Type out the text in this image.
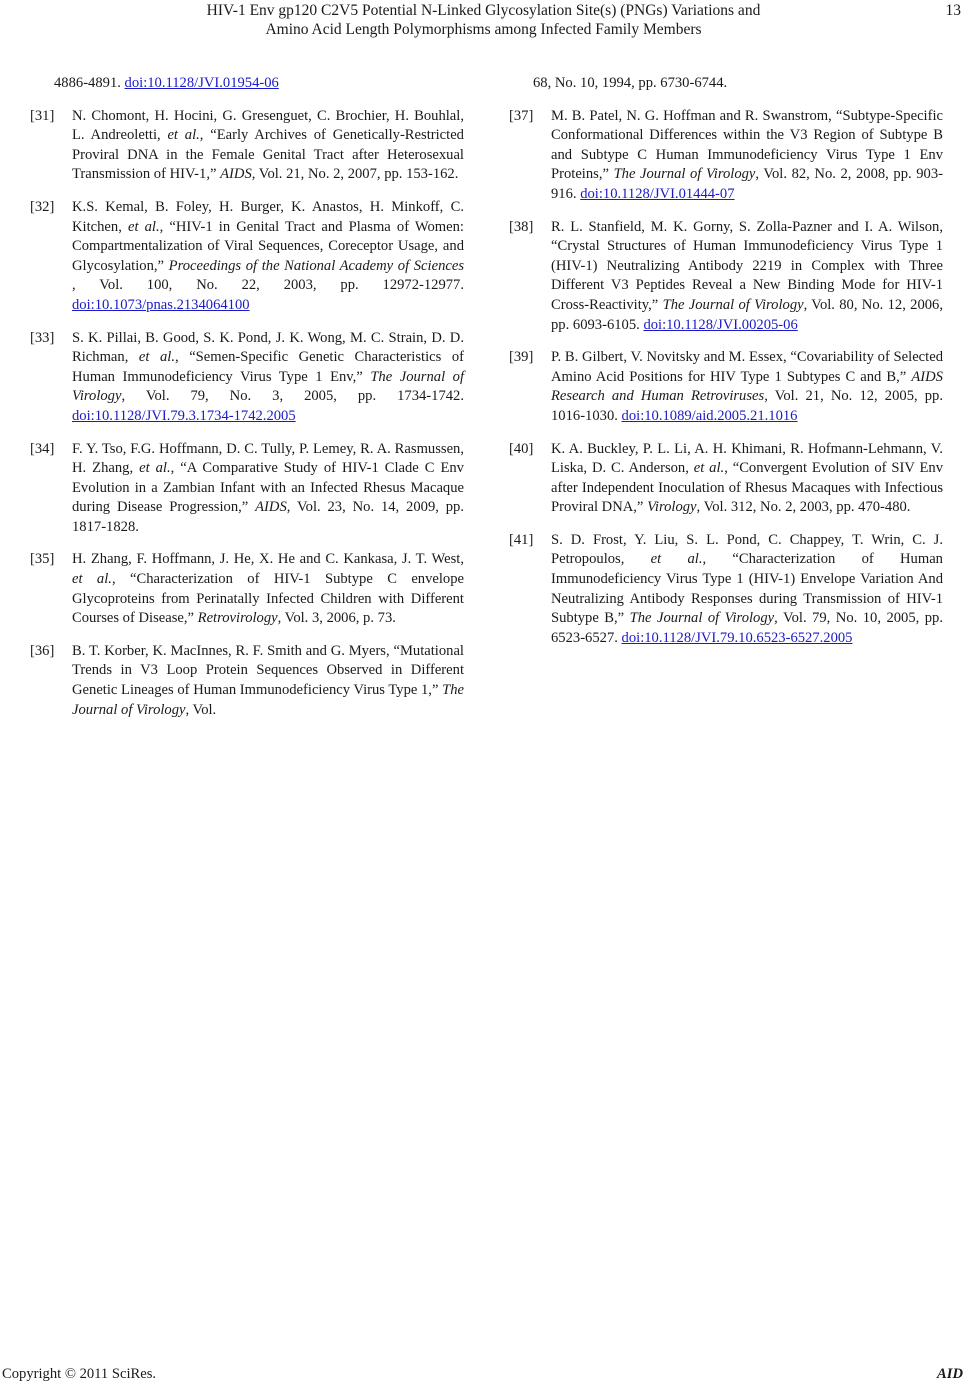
HIV-1 Env gp120 C2V5 Potential N-Linked Glycosylation Site(s) (PNGs) Variations and
Amino Acid Length Polymorphisms among Infected Family Members
13
4886-4891. doi:10.1128/JVI.01954-06
[31]	N. Chomont, H. Hocini, G. Gresenguet, C. Brochier, H. Bouhlal, L. Andreoletti, et al., “Early Archives of Genetically-Restricted Proviral DNA in the Female Genital Tract after Heterosexual Transmission of HIV-1,” AIDS, Vol. 21, No. 2, 2007, pp. 153-162.
[32]	K.S. Kemal, B. Foley, H. Burger, K. Anastos, H. Minkoff, C. Kitchen, et al., “HIV-1 in Genital Tract and Plasma of Women: Compartmentalization of Viral Sequences, Coreceptor Usage, and Glycosylation,” Proceedings of the National Academy of Sciences , Vol. 100, No. 22, 2003, pp. 12972-12977. doi:10.1073/pnas.2134064100
[33]	S. K. Pillai, B. Good, S. K. Pond, J. K. Wong, M. C. Strain, D. D. Richman, et al., “Semen-Specific Genetic Characteristics of Human Immunodeficiency Virus Type 1 Env,” The Journal of Virology, Vol. 79, No. 3, 2005, pp. 1734-1742. doi:10.1128/JVI.79.3.1734-1742.2005
[34]	F. Y. Tso, F.G. Hoffmann, D. C. Tully, P. Lemey, R. A. Rasmussen, H. Zhang, et al., “A Comparative Study of HIV-1 Clade C Env Evolution in a Zambian Infant with an Infected Rhesus Macaque during Disease Progression,” AIDS, Vol. 23, No. 14, 2009, pp. 1817-1828.
[35]	H. Zhang, F. Hoffmann, J. He, X. He and C. Kankasa, J. T. West, et al., “Characterization of HIV-1 Subtype C envelope Glycoproteins from Perinatally Infected Children with Different Courses of Disease,” Retrovirology, Vol. 3, 2006, p. 73.
[36]	B. T. Korber, K. MacInnes, R. F. Smith and G. Myers, “Mutational Trends in V3 Loop Protein Sequences Observed in Different Genetic Lineages of Human Immunodeficiency Virus Type 1,” The Journal of Virology, Vol.
68, No. 10, 1994, pp. 6730-6744.
[37]	M. B. Patel, N. G. Hoffman and R. Swanstrom, “Subtype-Specific Conformational Differences within the V3 Region of Subtype B and Subtype C Human Immunodeficiency Virus Type 1 Env Proteins,” The Journal of Virology, Vol. 82, No. 2, 2008, pp. 903-916. doi:10.1128/JVI.01444-07
[38]	R. L. Stanfield, M. K. Gorny, S. Zolla-Pazner and I. A. Wilson, “Crystal Structures of Human Immunodeficiency Virus Type 1 (HIV-1) Neutralizing Antibody 2219 in Complex with Three Different V3 Peptides Reveal a New Binding Mode for HIV-1 Cross-Reactivity,” The Journal of Virology, Vol. 80, No. 12, 2006, pp. 6093-6105. doi:10.1128/JVI.00205-06
[39]	P. B. Gilbert, V. Novitsky and M. Essex, “Covariability of Selected Amino Acid Positions for HIV Type 1 Subtypes C and B,” AIDS Research and Human Retroviruses, Vol. 21, No. 12, 2005, pp. 1016-1030. doi:10.1089/aid.2005.21.1016
[40]	K. A. Buckley, P. L. Li, A. H. Khimani, R. Hofmann-Lehmann, V. Liska, D. C. Anderson, et al., “Convergent Evolution of SIV Env after Independent Inoculation of Rhesus Macaques with Infectious Proviral DNA,” Virology, Vol. 312, No. 2, 2003, pp. 470-480.
[41]	S. D. Frost, Y. Liu, S. L. Pond, C. Chappey, T. Wrin, C. J. Petropoulos, et al., “Characterization of Human Immunodeficiency Virus Type 1 (HIV-1) Envelope Variation And Neutralizing Antibody Responses during Transmission of HIV-1 Subtype B,” The Journal of Virology, Vol. 79, No. 10, 2005, pp. 6523-6527. doi:10.1128/JVI.79.10.6523-6527.2005
Copyright © 2011 SciRes.	AID
